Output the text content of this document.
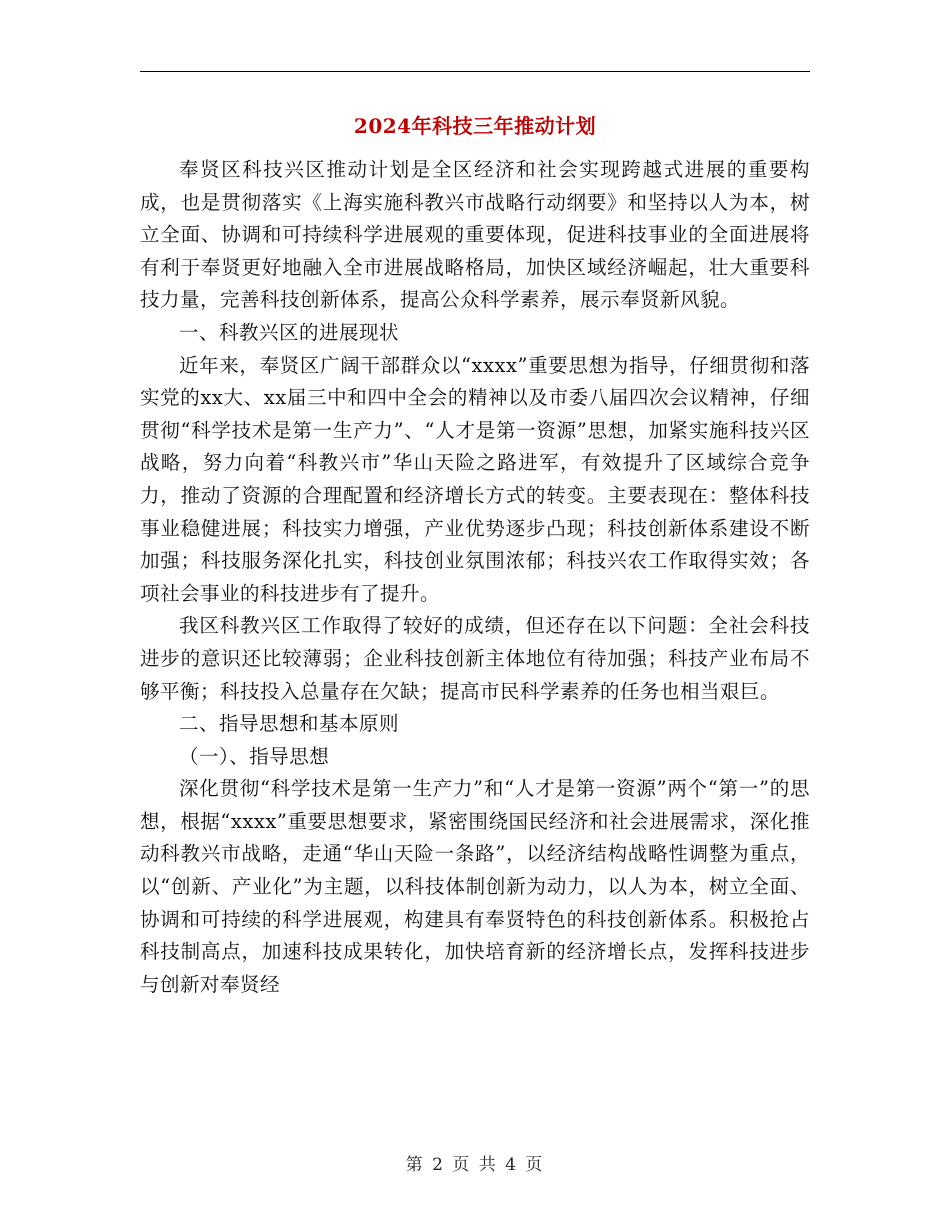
2024年科技三年推动计划

奉贤区科技兴区推动计划是全区经济和社会实现跨越式进展的重要构成，也是贯彻落实《上海实施科教兴市战略行动纲要》和坚持以人为本，树立全面、协调和可持续科学进展观的重要体现，促进科技事业的全面进展将有利于奉贤更好地融入全市进展战略格局，加快区域经济崛起，壮大重要科技力量，完善科技创新体系，提高公众科学素养，展示奉贤新风貌。

一、科教兴区的进展现状

近年来，奉贤区广阔干部群众以“xxxx”重要思想为指导，仔细贯彻和落实党的xx大、xx届三中和四中全会的精神以及市委八届四次会议精神，仔细贯彻“科学技术是第一生产力”、“人才是第一资源”思想，加紧实施科技兴区战略，努力向着“科教兴市”华山天险之路进军，有效提升了区域综合竞争力，推动了资源的合理配置和经济增长方式的转变。主要表现在：整体科技事业稳健进展；科技实力增强，产业优势逐步凸现；科技创新体系建设不断加强；科技服务深化扎实，科技创业氛围浓郁；科技兴农工作取得实效；各项社会事业的科技进步有了提升。

我区科教兴区工作取得了较好的成绩，但还存在以下问题：全社会科技进步的意识还比较薄弱；企业科技创新主体地位有待加强；科技产业布局不够平衡；科技投入总量存在欠缺；提高市民科学素养的任务也相当艰巨。

二、指导思想和基本原则

（一）、指导思想

深化贯彻“科学技术是第一生产力”和“人才是第一资源”两个“第一”的思想，根据“xxxx”重要思想要求，紧密围绕国民经济和社会进展需求，深化推动科教兴市战略，走通“华山天险一条路”，以经济结构战略性调整为重点，以“创新、产业化”为主题，以科技体制创新为动力，以人为本，树立全面、协调和可持续的科学进展观，构建具有奉贤特色的科技创新体系。积极抢占科技制高点，加速科技成果转化，加快培育新的经济增长点，发挥科技进步与创新对奉贤经

第 2 页 共 4 页
